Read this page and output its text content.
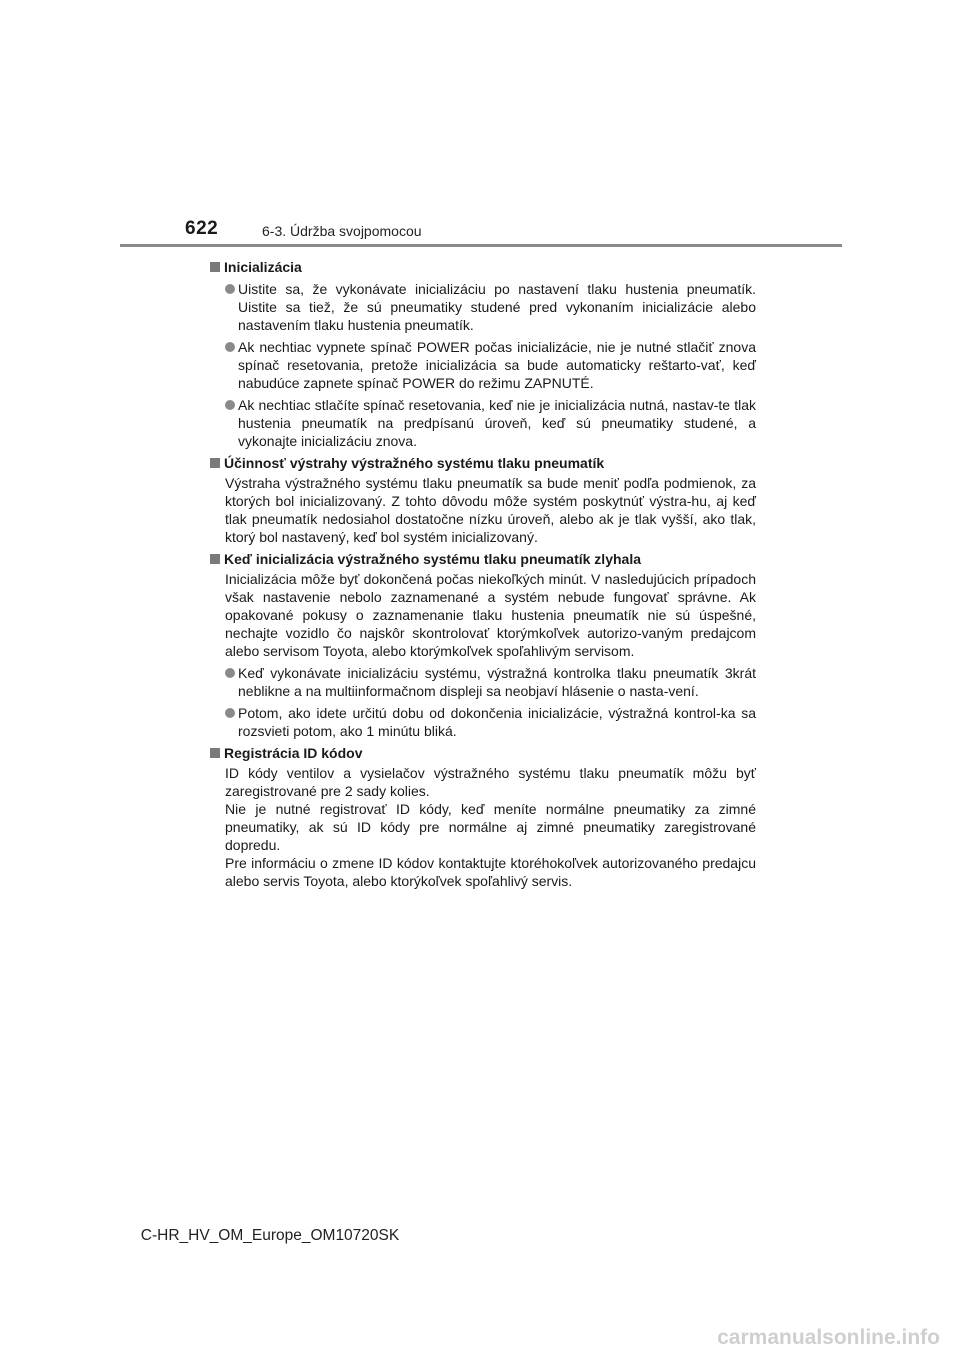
622	6-3. Údržba svojpomocou
Inicializácia
Uistite sa, že vykonávate inicializáciu po nastavení tlaku hustenia pneumatík. Uistite sa tiež, že sú pneumatiky studené pred vykonaním inicializácie alebo nastavením tlaku hustenia pneumatík.
Ak nechtiac vypnete spínač POWER počas inicializácie, nie je nutné stlačiť znova spínač resetovania, pretože inicializácia sa bude automaticky reštarto-vať, keď nabudúce zapnete spínač POWER do režimu ZAPNUTÉ.
Ak nechtiac stlačíte spínač resetovania, keď nie je inicializácia nutná, nastav-te tlak hustenia pneumatík na predpísanú úroveň, keď sú pneumatiky studené, a vykonajte inicializáciu znova.
Účinnosť výstrahy výstražného systému tlaku pneumatík
Výstraha výstražného systému tlaku pneumatík sa bude meniť podľa podmienok, za ktorých bol inicializovaný. Z tohto dôvodu môže systém poskytnúť výstra-hu, aj keď tlak pneumatík nedosiahol dostatočne nízku úroveň, alebo ak je tlak vyšší, ako tlak, ktorý bol nastavený, keď bol systém inicializovaný.
Keď inicializácia výstražného systému tlaku pneumatík zlyhala
Inicializácia môže byť dokončená počas niekoľkých minút. V nasledujúcich prípadoch však nastavenie nebolo zaznamenané a systém nebude fungovať správne. Ak opakované pokusy o zaznamenanie tlaku hustenia pneumatík nie sú úspešné, nechajte vozidlo čo najskôr skontrolovať ktorýmkoľvek autorizo-vaným predajcom alebo servisom Toyota, alebo ktorýmkoľvek spoľahlivým servisom.
Keď vykonávate inicializáciu systému, výstražná kontrolka tlaku pneumatík 3krát neblikne a na multiinformačnom displeji sa neobjaví hlásenie o nasta-vení.
Potom, ako idete určitú dobu od dokončenia inicializácie, výstražná kontrol-ka sa rozsvieti potom, ako 1 minútu bliká.
Registrácia ID kódov
ID kódy ventilov a vysielačov výstražného systému tlaku pneumatík môžu byť zaregistrované pre 2 sady kolies.
Nie je nutné registrovať ID kódy, keď meníte normálne pneumatiky za zimné pneumatiky, ak sú ID kódy pre normálne aj zimné pneumatiky zaregistrované dopredu.
Pre informáciu o zmene ID kódov kontaktujte ktoréhokoľvek autorizovaného predajcu alebo servis Toyota, alebo ktorýkoľvek spoľahlivý servis.
C-HR_HV_OM_Europe_OM10720SK
carmanualsonline.info
